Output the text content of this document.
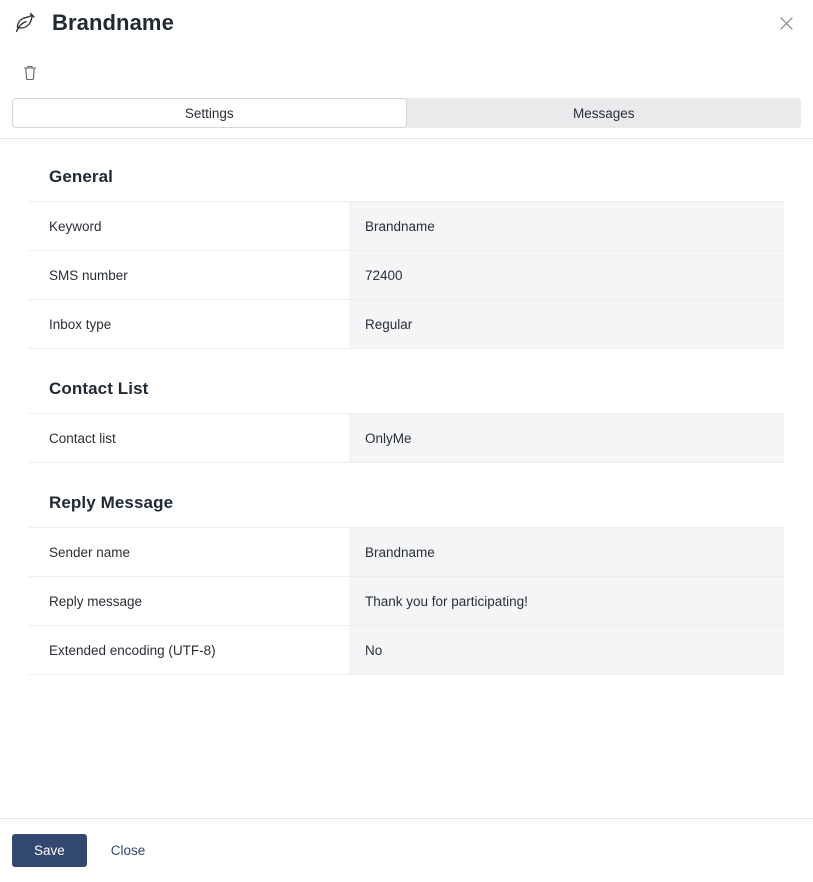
Brandname
Settings	Messages
General
Keyword	Brandname
SMS number	72400
Inbox type	Regular
Contact List
Contact list	OnlyMe
Reply Message
Sender name	Brandname
Reply message	Thank you for participating!
Extended encoding (UTF-8)	No
Save	Close
